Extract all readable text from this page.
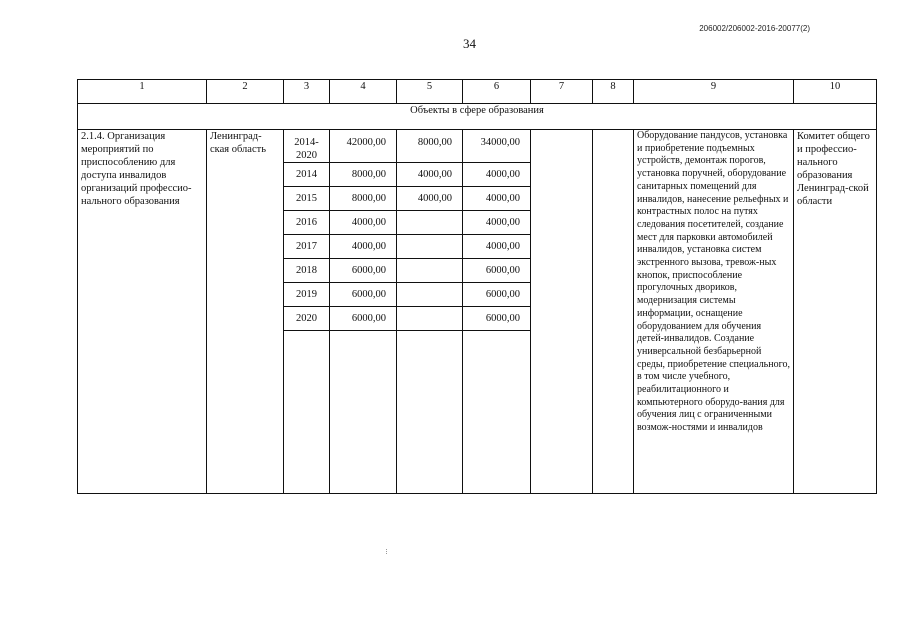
206002/206002-2016-20077(2)
34
1	2	3	4	5	6	7	8	9	10
Объекты в сфере образования									
2.1.4. Организация мероприятий по приспособлению для доступа инвалидов организаций профессио-нального образования	Ленинград-ская область	2014-2020	42000,00	8000,00	34000,00			Оборудование пандусов, установка и приобретение подъемных устройств, демонтаж порогов, установка поручней, оборудование санитарных помещений для инвалидов, нанесение рельефных и контрастных полос на путях следования посетителей, создание мест для парковки автомобилей инвалидов, установка систем экстренного вызова, тревож-ных кнопок, приспособление прогулочных двориков, модернизация системы информации, оснащение оборудованием для обучения детей-инвалидов. Создание универсальной безбарьерной среды, приобретение специального, в том числе учебного, реабилитационного и компьютерного оборудо-вания для обучения лиц с ограниченными возмож-ностями и инвалидов	Комитет общего и профессио-нального образования Ленинград-ской области
		2014	8000,00	4000,00	4000,00				
		2015	8000,00	4000,00	4000,00				
		2016	4000,00		4000,00				
		2017	4000,00		4000,00				
		2018	6000,00		6000,00				
		2019	6000,00		6000,00				
		2020	6000,00		6000,00				
